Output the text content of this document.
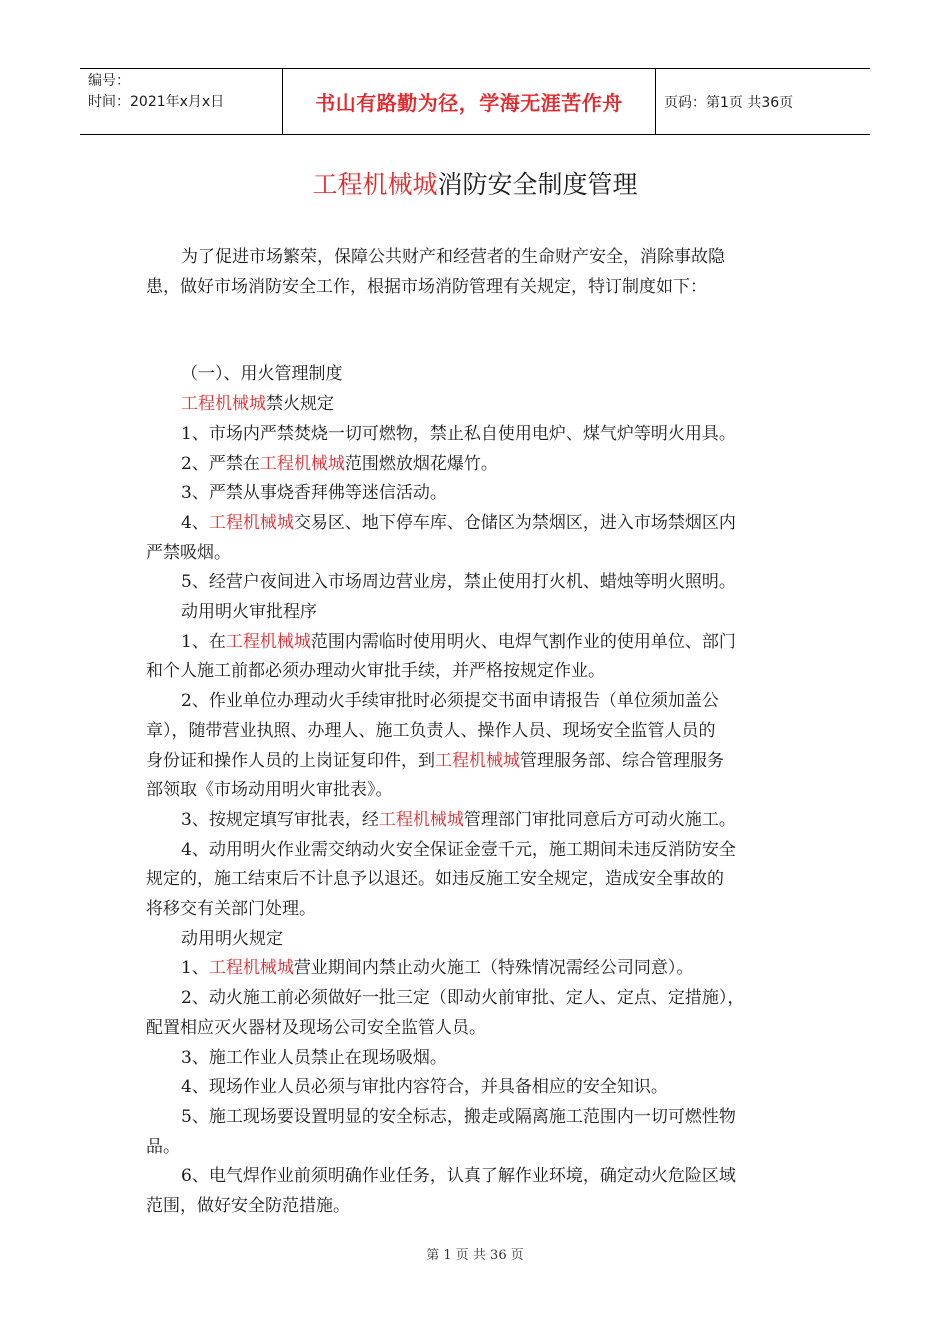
编号：
时间：2021年x月x日	书山有路勤为径，学海无涯苦作舟	页码：第1页 共36页
工程机械城消防安全制度管理

为了促进市场繁荣，保障公共财产和经营者的生命财产安全，消除事故隐

患，做好市场消防安全工作，根据市场消防管理有关规定，特订制度如下：

（一）、用火管理制度

工程机械城禁火规定

1、市场内严禁焚烧一切可燃物，禁止私自使用电炉、煤气炉等明火用具。

2、严禁在工程机械城范围燃放烟花爆竹。

3、严禁从事烧香拜佛等迷信活动。

4、工程机械城交易区、地下停车库、仓储区为禁烟区，进入市场禁烟区内

严禁吸烟。

5、经营户夜间进入市场周边营业房，禁止使用打火机、蜡烛等明火照明。

动用明火审批程序

1、在工程机械城范围内需临时使用明火、电焊气割作业的使用单位、部门

和个人施工前都必须办理动火审批手续，并严格按规定作业。

2、作业单位办理动火手续审批时必须提交书面申请报告（单位须加盖公

章），随带营业执照、办理人、施工负责人、操作人员、现场安全监管人员的

身份证和操作人员的上岗证复印件，到工程机械城管理服务部、综合管理服务

部领取《市场动用明火审批表》。

3、按规定填写审批表，经工程机械城管理部门审批同意后方可动火施工。

4、动用明火作业需交纳动火安全保证金壹千元，施工期间未违反消防安全

规定的，施工结束后不计息予以退还。如违反施工安全规定，造成安全事故的

将移交有关部门处理。

动用明火规定

1、工程机械城营业期间内禁止动火施工（特殊情况需经公司同意）。

2、动火施工前必须做好一批三定（即动火前审批、定人、定点、定措施），

配置相应灭火器材及现场公司安全监管人员。

3、施工作业人员禁止在现场吸烟。

4、现场作业人员必须与审批内容符合，并具备相应的安全知识。

5、施工现场要设置明显的安全标志，搬走或隔离施工范围内一切可燃性物

品。

6、电气焊作业前须明确作业任务，认真了解作业环境，确定动火危险区域

范围，做好安全防范措施。

第 1 页 共 36 页
